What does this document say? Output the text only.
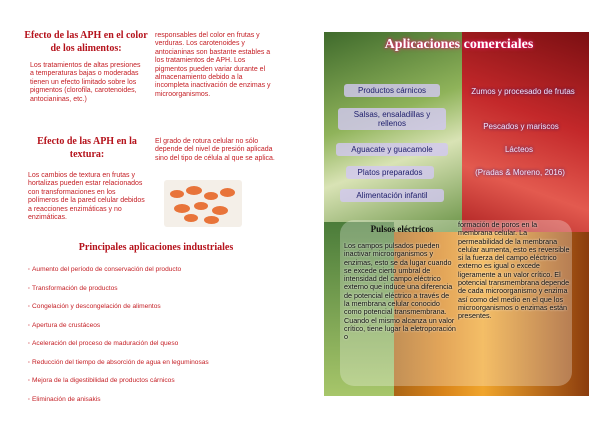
Efecto de las APH en el color de los alimentos:
Los tratamientos de altas presiones a temperaturas bajas o moderadas tienen un efecto limitado sobre los pigmentos (clorofila, carotenoides, antocianinas, etc.)
responsables del color en frutas y verduras. Los carotenoides y antocianinas son bastante estables a los tratamientos de APH. Los pigmentos pueden variar durante el almacenamiento debido a la incompleta inactivación de enzimas y microorganismos.
Efecto de las APH en la textura:
Los cambios de textura en frutas y hortalizas pueden estar relacionados con transformaciones en los polímeros de la pared celular debidos a reacciones enzimáticas y no enzimáticas.
El grado de rotura celular no sólo depende del nivel de presión aplicada sino del tipo de célula al que se aplica.
Principales aplicaciones industriales
· Aumento del período de conservación del producto
· Transformación de productos
· Congelación y descongelación de alimentos
· Apertura de crustáceos
· Aceleración del proceso de maduración del queso
· Reducción del tiempo de absorción de agua en leguminosas
· Mejora de la digestibilidad de productos cárnicos
· Eliminación de anisakis
Aplicaciones comerciales
Productos cárnicos
Salsas, ensaladillas y rellenos
Aguacate y guacamole
Platos preparados
Alimentación infantil
Zumos y procesado de frutas
Pescados y mariscos
Lácteos
(Pradas & Moreno, 2016)
Pulsos eléctricos
Los campos pulsados pueden inactivar microorganismos y enzimas, esto se da lugar cuando se excede cierto umbral de intensidad del campo eléctrico externo que induce una diferencia de potencial eléctrico a través de la membrana celular conocido como potencial transmembrana. Cuando el mismo alcanza un valor crítico, tiene lugar la eletroporación o
formación de poros en la membrana celular. La permeabilidad de la membrana celular aumenta, esto es reversible si la fuerza del campo eléctrico externo es igual o excede ligeramente a un valor crítico. El potencial transmembrana depende de cada microorganismo y enzima así como del medio en el que los microorganismos o enzimas están presentes.
